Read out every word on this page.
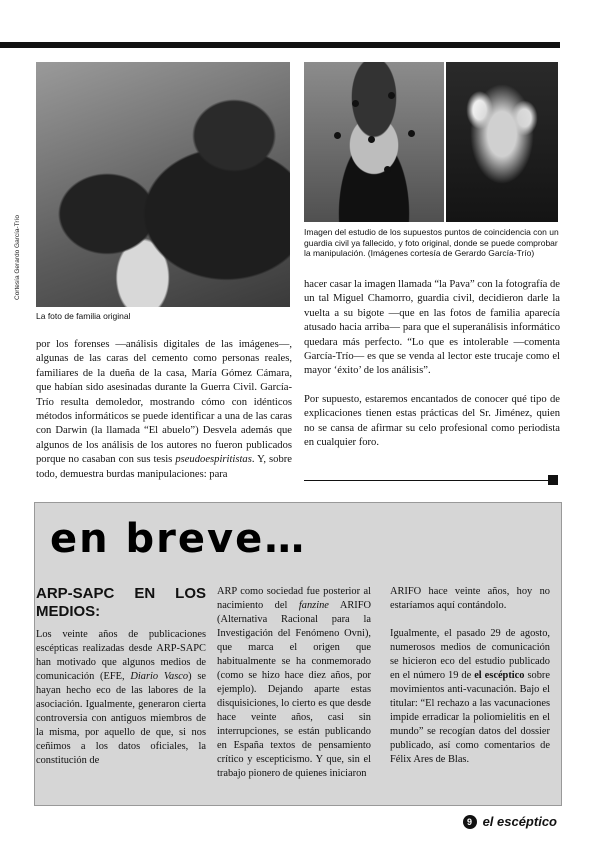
Cortesía Gerardo García-Trío
La foto de familia original
Imagen del estudio de los supuestos puntos de coincidencia con un guardia civil ya fallecido, y foto original, donde se puede comprobar la manipulación. (Imágenes cortesía de Gerardo García-Trío)

por los forenses —análisis digitales de las imágenes—, algunas de las caras del cemento como personas reales, familiares de la dueña de la casa, María Gómez Cámara, que habían sido asesinadas durante la Guerra Civil. García-Trío resulta demoledor, mostrando cómo con idénticos métodos informáticos se puede identificar a una de las caras con Darwin (la llamada “El abuelo”) Desvela además que algunos de los análisis de los autores no fueron publicados porque no casaban con sus tesis pseudoespiritistas. Y, sobre todo, demuestra burdas manipulaciones: para

hacer casar la imagen llamada “la Pava” con la fotografía de un tal Miguel Chamorro, guardia civil, decidieron darle la vuelta a su bigote —que en las fotos de familia aparecía atusado hacia arriba— para que el superanálisis informático quedara más perfecto. “Lo que es intolerable —comenta García-Trío— es que se venda al lector este trucaje como el mayor ‘éxito’ de los análisis”.

Por supuesto, estaremos encantados de conocer qué tipo de explicaciones tienen estas prácticas del Sr. Jiménez, quien no se cansa de afirmar su celo profesional como periodista en cualquier foro.

en breve…
ARP-SAPC EN LOS MEDIOS:

Los veinte años de publicaciones escépticas realizadas desde ARP-SAPC han motivado que algunos medios de comunicación (EFE, Diario Vasco) se hayan hecho eco de las labores de la asociación. Igualmente, generaron cierta controversia con antiguos miembros de la misma, por aquello de que, si nos ceñimos a los datos oficiales, la constitución de

ARP como sociedad fue posterior al nacimiento del fanzine ARIFO (Alternativa Racional para la Investigación del Fenómeno Ovni), que marca el origen que habitualmente se ha conmemorado (como se hizo hace diez años, por ejemplo). Dejando aparte estas disquisiciones, lo cierto es que desde hace veinte años, casi sin interrupciones, se están publicando en España textos de pensamiento crítico y escepticismo. Y que, sin el trabajo pionero de quienes iniciaron

ARIFO hace veinte años, hoy no estaríamos aquí contándolo.

Igualmente, el pasado 29 de agosto, numerosos medios de comunicación se hicieron eco del estudio publicado en el número 19 de el escéptico sobre movimientos anti-vacunación. Bajo el titular: “El rechazo a las vacunaciones impide erradicar la poliomielitis en el mundo” se recogían datos del dossier publicado, así como comentarios de Félix Ares de Blas.

9 el escéptico
